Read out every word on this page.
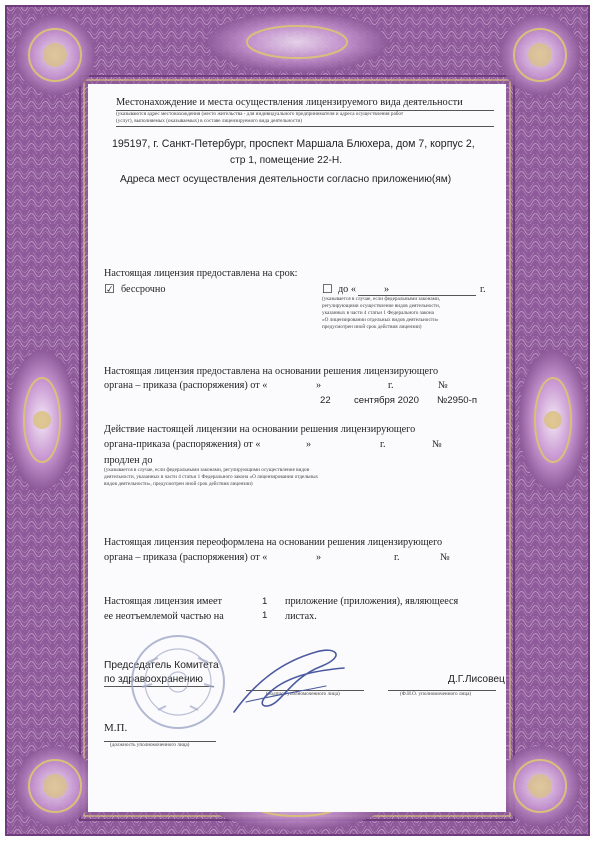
Местонахождение и места осуществления лицензируемого вида деятельности
(указываются адрес местонахождения (место жительства - для индивидуального предпринимателя и адреса осуществления работ
(услуг), выполняемых (оказываемых) в составе лицензируемого вида деятельности)
195197, г. Санкт-Петербург, проспект Маршала Блюхера, дом 7, корпус 2,
стр 1, помещение 22-Н.
Адреса мест осуществления деятельности согласно приложению(ям)
Настоящая лицензия предоставлена на срок:
☑ бессрочно	☐ до «	»	г.
(указывается в случае, если федеральными законами,
регулирующими осуществление видов деятельности,
указанных в части 4 статьи 1 Федерального закона
«О лицензировании отдельных видов деятельности»
предусмотрен иной срок действия лицензии)
Настоящая лицензия предоставлена на основании решения лицензирующего
органа – приказа (распоряжения) от «	»	г.	№
22 сентября 2020 №2950-п
Действие настоящей лицензии на основании решения лицензирующего
органа-приказа (распоряжения) от «	»	г.	№
продлен до
(указывается в случае, если федеральными законами, регулирующими осуществление видов
деятельности, указанных в части 4 статьи 1 Федерального закона «О лицензировании отдельных
видов деятельности», предусмотрен иной срок действия лицензии)
Настоящая лицензия переоформлена на основании решения лицензирующего
органа – приказа (распоряжения) от «	»	г.	№
Настоящая лицензия имеет	1 приложение (приложения), являющееся
ее неотъемлемой частью на	1 листах.
Председатель Комитета
по здравоохранению	Д.Г.Лисовец
(подпись уполномоченного лица)	(Ф.И.О. уполномоченного лица)
М.П.
(должность уполномоченного лица)
